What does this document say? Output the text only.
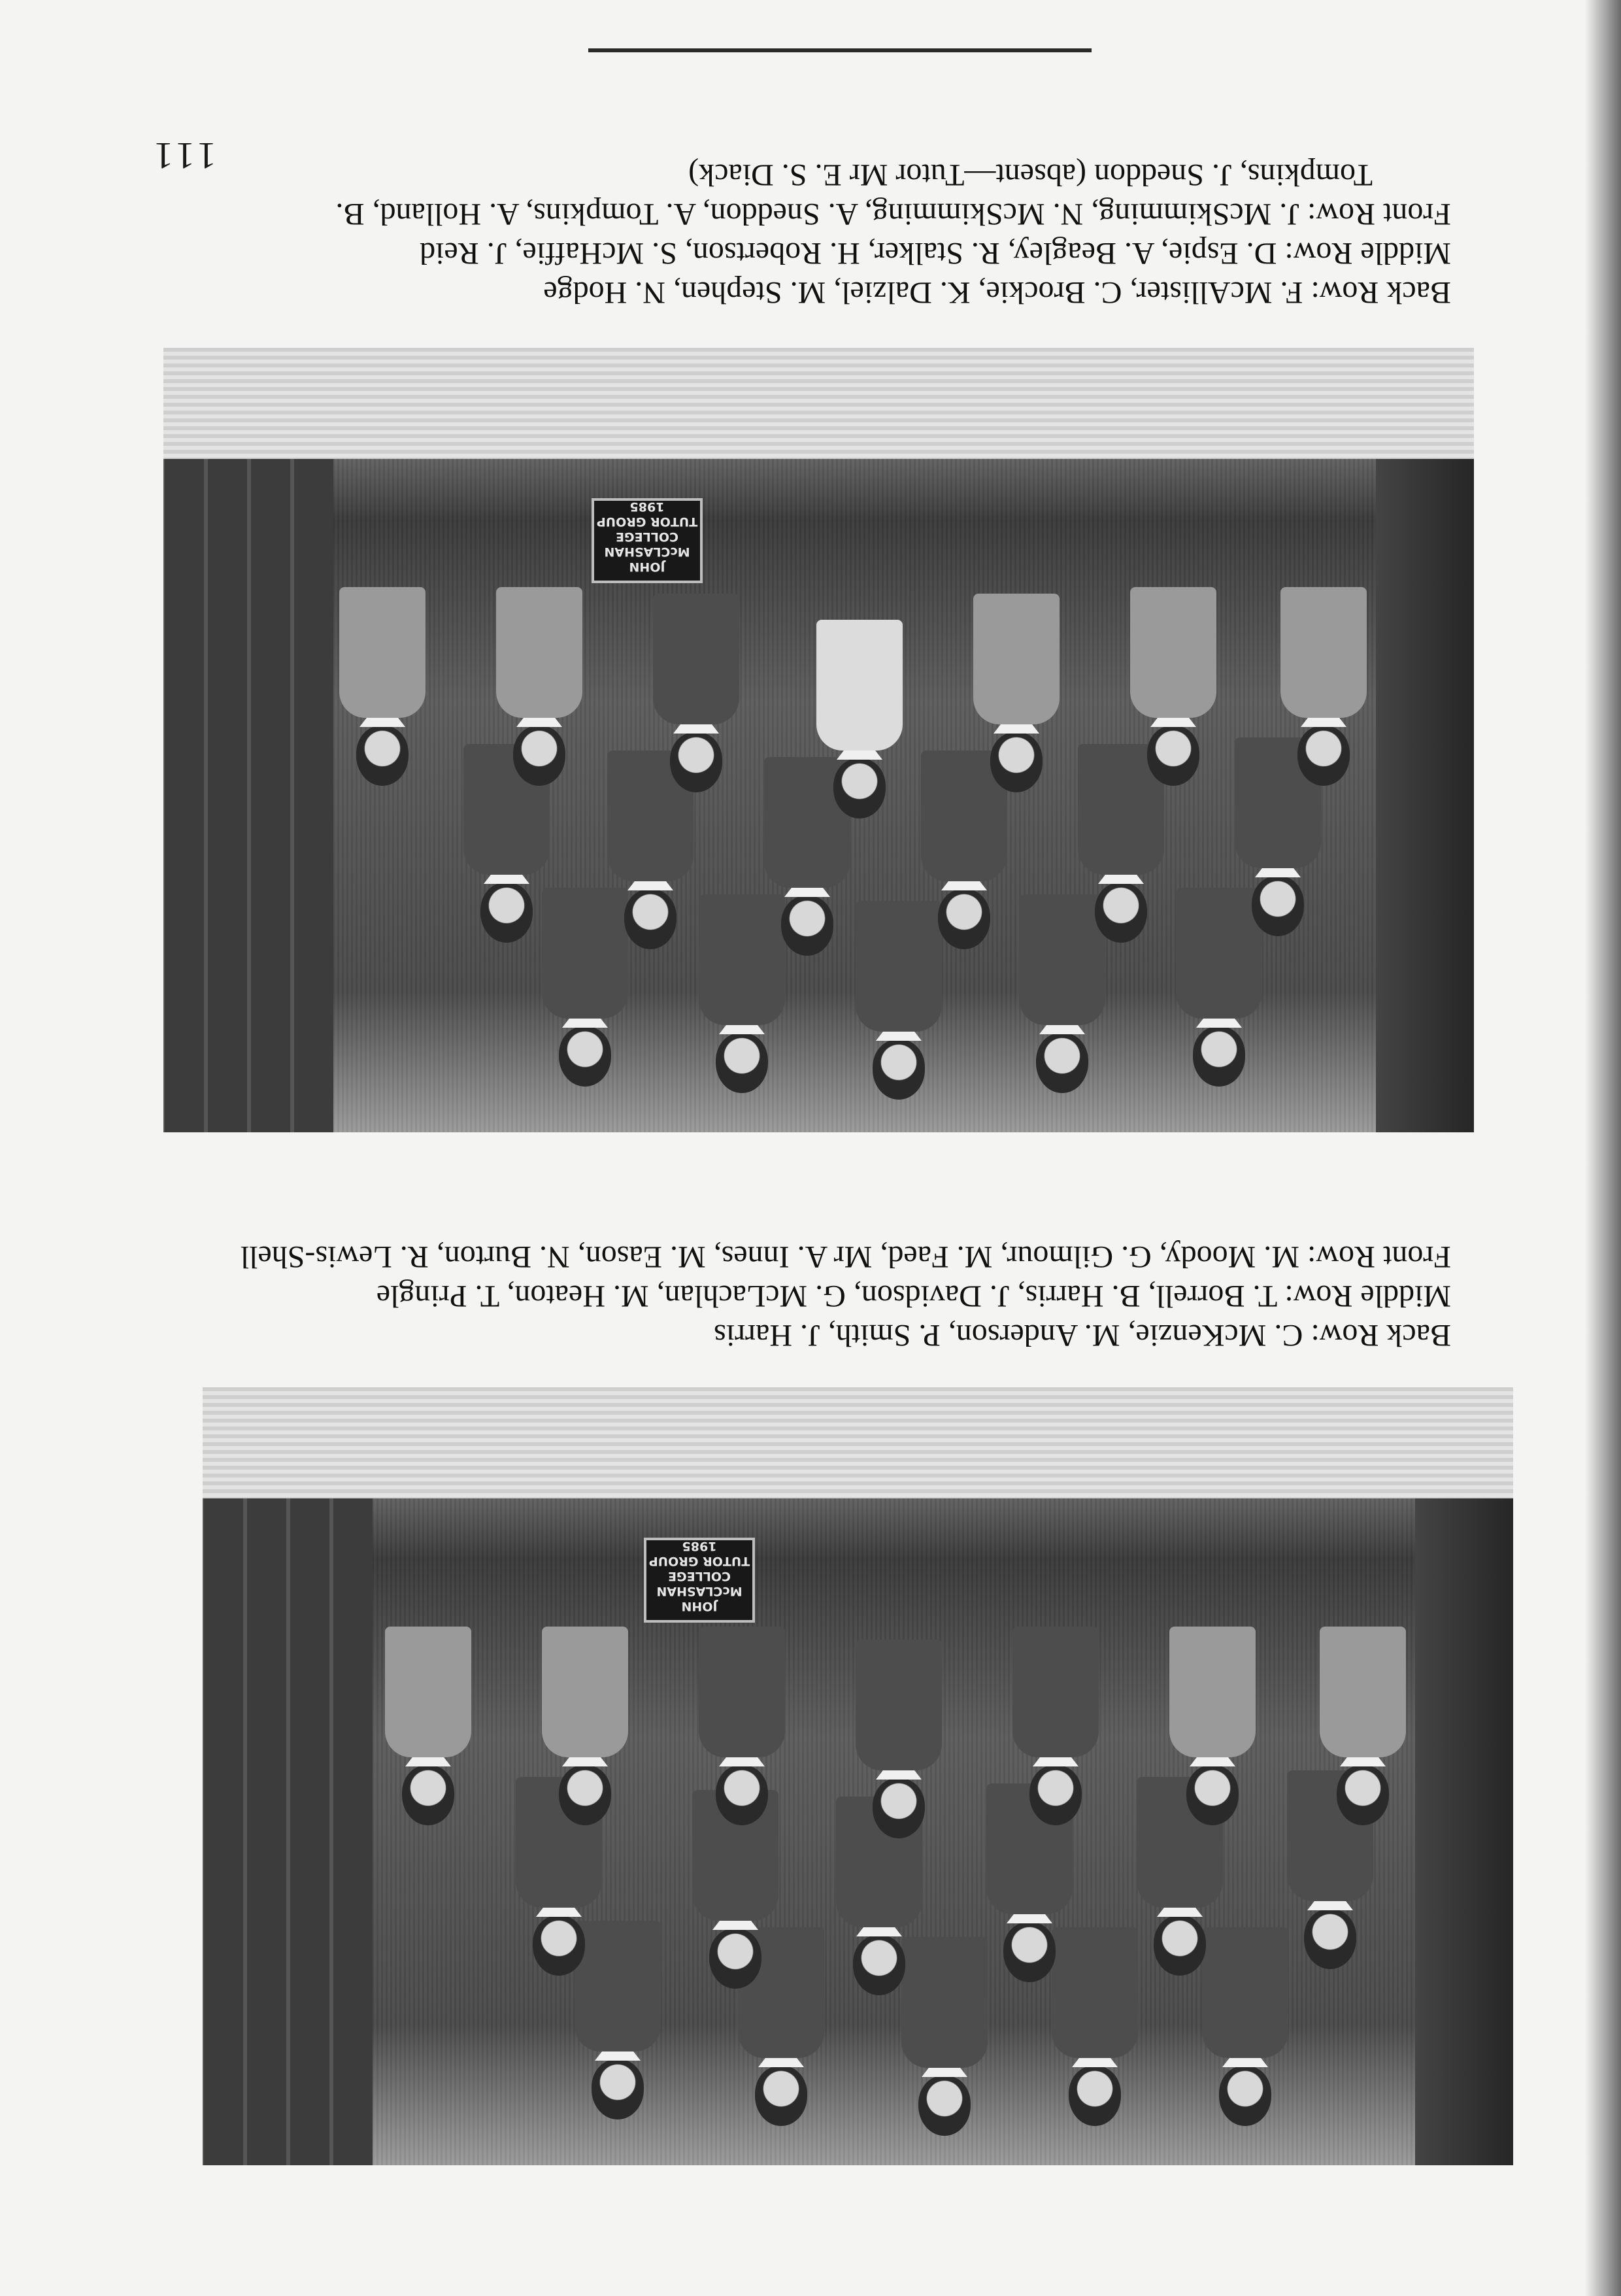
JOHN
McCLASHAN
COLLEGE
TUTOR GROUP
1985

Back Row: C. McKenzie, M. Anderson, P. Smith, J. Harris

Middle Row: T. Borrell, B. Harris, J. Davidson, G. McLachlan, M. Heaton, T. Pringle

Front Row: M. Moody, G. Gilmour, M. Faed, Mr A. Innes, M. Eason, N. Burton, R. Lewis-Shell

JOHN
McCLASHAN
COLLEGE
TUTOR GROUP
1985

Back Row: F. McAllister, C. Brockie, K. Dalziel, M. Stephen, N. Hodge

Middle Row: D. Espie, A. Beagley, R. Stalker, H. Robertson, S. McHaffie, J. Reid

Front Row: J. McSkimming, N. McSkimming, A. Sneddon, A. Tompkins, A. Holland, B. Tompkins, J. Sneddon (absent—Tutor Mr E. S. Diack)

111
